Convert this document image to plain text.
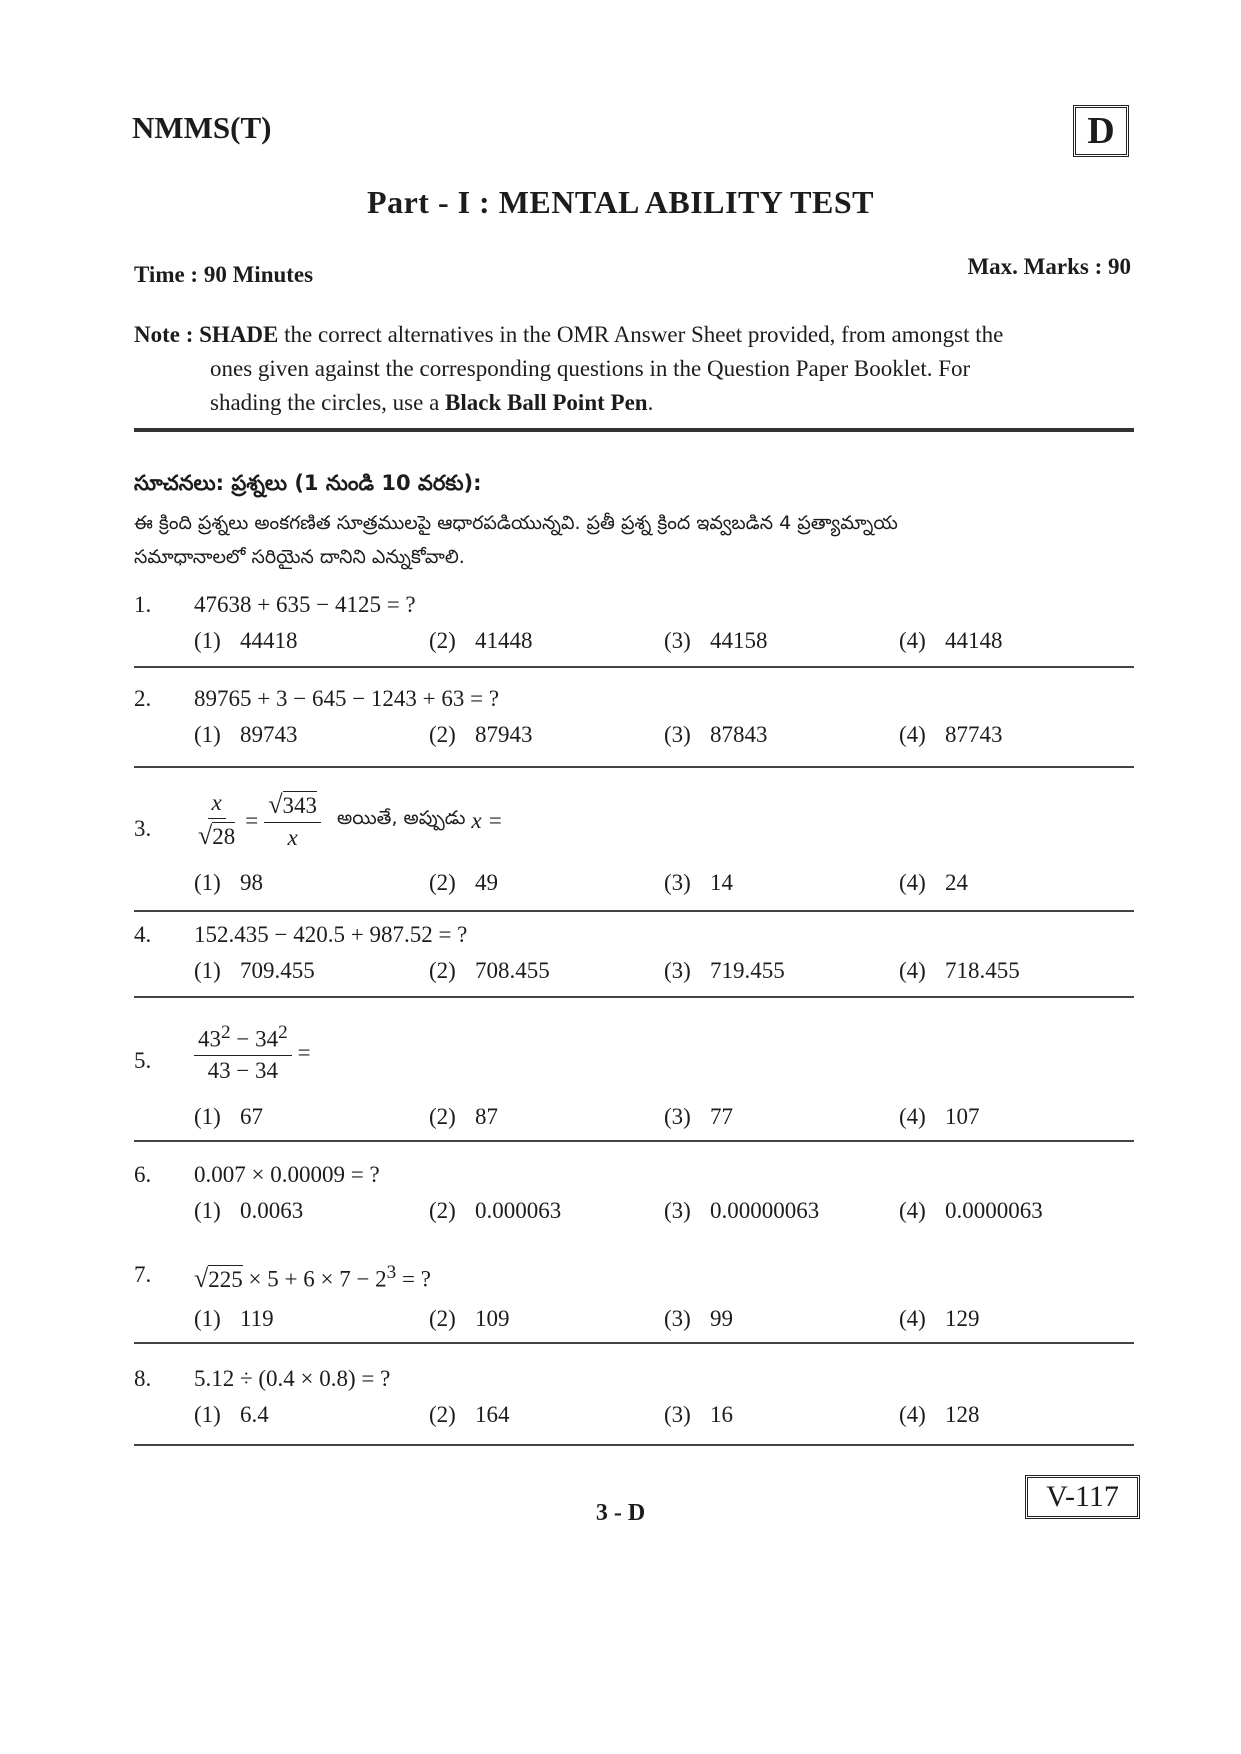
NMMS(T)	D
Part - I : MENTAL ABILITY TEST
Time : 90 Minutes	Max. Marks : 90
Note :
SHADE the correct alternatives in the OMR Answer Sheet provided, from amongst the
ones given against the corresponding questions in the Question Paper Booklet. For
shading the circles, use a Black Ball Point Pen.
సూచనలు: ప్రశ్నలు (1 నుండి 10 వరకు):
ఈ క్రింది ప్రశ్నలు అంకగణిత సూత్రములపై ఆధారపడియున్నవి. ప్రతీ ప్రశ్న క్రింద ఇవ్వబడిన 4 ప్రత్యామ్నాయ
సమాధానాలలో సరియైన దానిని ఎన్నుకోవాలి.
1. 47638 + 635 − 4125 = ?
(1) 44418	(2) 41448	(3) 44158	(4) 44148
2. 89765 + 3 − 645 − 1243 + 63 = ?
(1) 89743	(2) 87943	(3) 87843	(4) 87743
3. $\frac{x}{√28} = \frac{√343}{x}$ అయితే, అప్పుడు x =
(1) 98	(2) 49	(3) 14	(4) 24
4. 152.435 − 420.5 + 987.52 = ?
(1) 709.455	(2) 708.455	(3) 719.455	(4) 718.455
5. $\frac{43^2 - 34^2}{43 - 34}$ =
(1) 67	(2) 87	(3) 77	(4) 107
6. 0.007 × 0.00009 = ?
(1) 0.0063	(2) 0.000063	(3) 0.00000063	(4) 0.0000063
7. $√225 \times 5 + 6 \times 7 - 2^3$ = ?
(1) 119	(2) 109	(3) 99	(4) 129
8. 5.12 ÷ (0.4 × 0.8) = ?
(1) 6.4	(2) 164	(3) 16	(4) 128
3 - D	V-117
